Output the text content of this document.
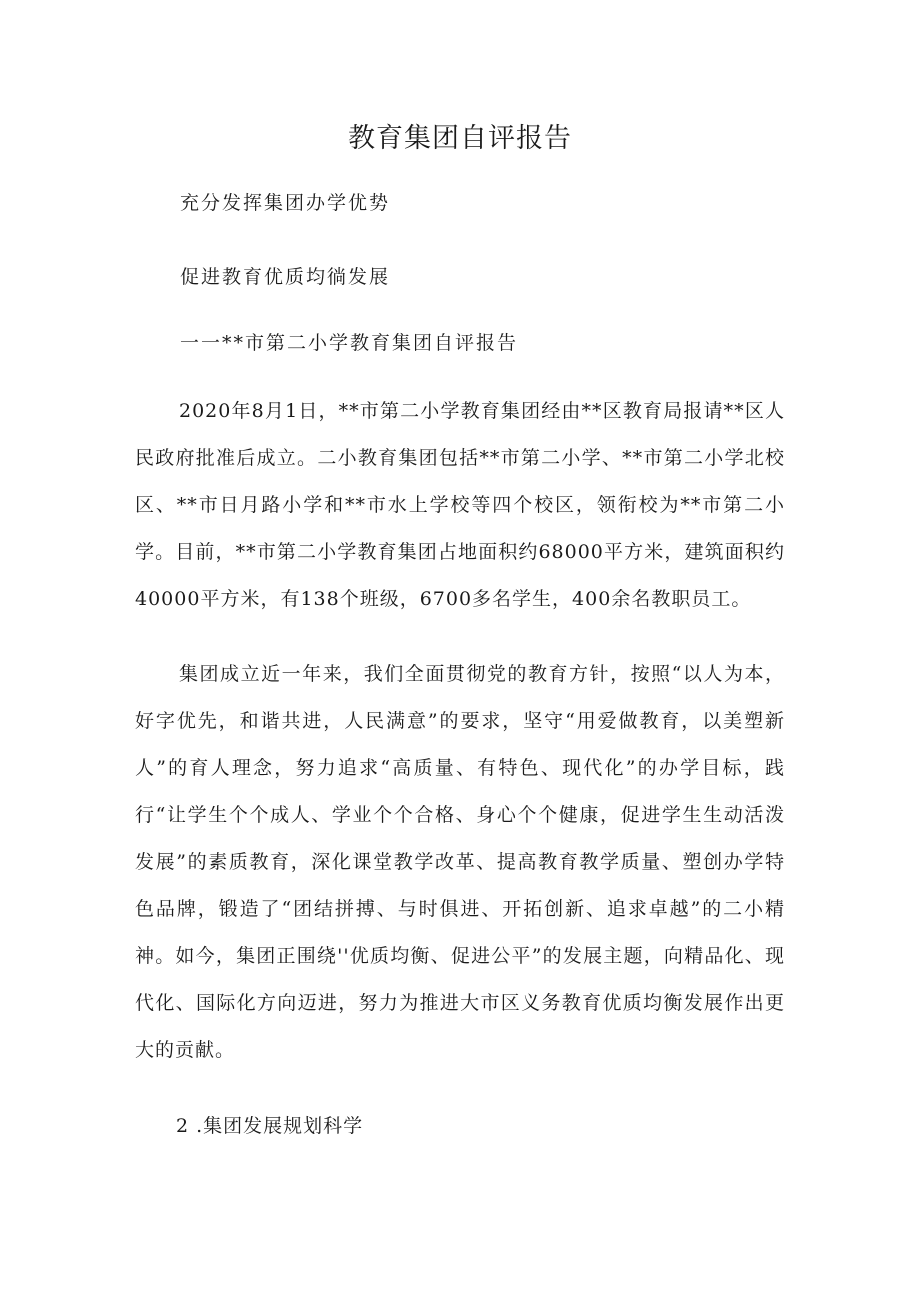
教育集团自评报告

充分发挥集团办学优势

促进教育优质均徜发展

一一**市第二小学教育集团自评报告

2020年8月1日，**市第二小学教育集团经由**区教育局报请**区人民政府批准后成立。二小教育集团包括**市第二小学、**市第二小学北校区、**市日月路小学和**市水上学校等四个校区，领衔校为**市第二小学。目前，**市第二小学教育集团占地面积约68000平方米，建筑面积约40000平方米，有138个班级，6700多名学生，400余名教职员工。

集团成立近一年来，我们全面贯彻党的教育方针，按照“以人为本，好字优先，和谐共进，人民满意”的要求，坚守“用爱做教育，以美塑新人”的育人理念，努力追求“高质量、有特色、现代化”的办学目标，践行“让学生个个成人、学业个个合格、身心个个健康，促进学生生动活泼发展”的素质教育，深化课堂教学改革、提高教育教学质量、塑创办学特色品牌，锻造了“团结拼搏、与时俱进、开拓创新、追求卓越”的二小精神。如今，集团正围绕''优质均衡、促进公平”的发展主题，向精品化、现代化、国际化方向迈进，努力为推进大市区义务教育优质均衡发展作出更大的贡献。

2 .集团发展规划科学
